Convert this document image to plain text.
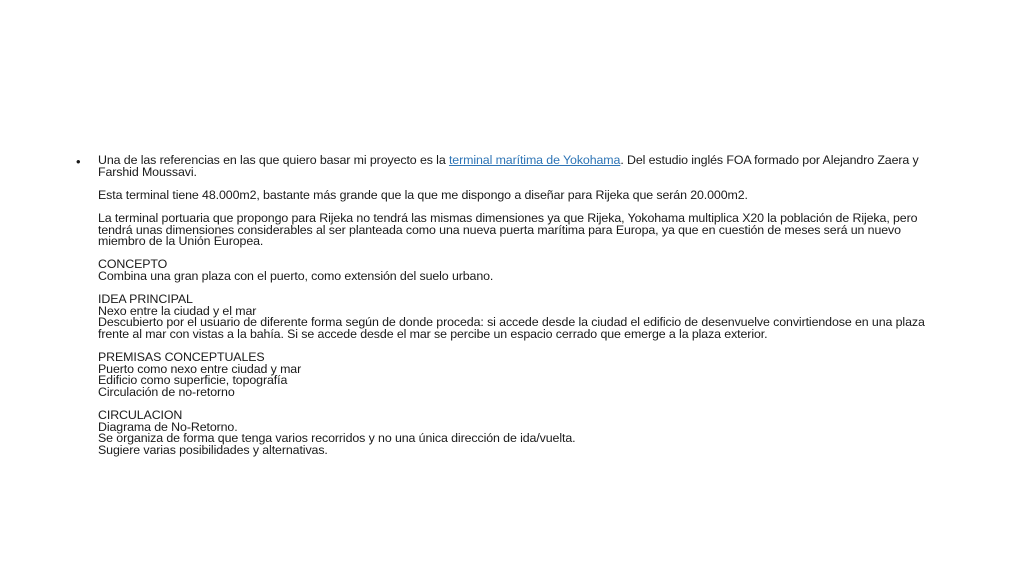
•	Una de las referencias en las que quiero basar mi proyecto es la terminal marítima de Yokohama. Del estudio inglés FOA formado por Alejandro Zaera y Farshid Moussavi.

Esta terminal tiene 48.000m2, bastante más grande que la que me dispongo a diseñar para Rijeka que serán 20.000m2.

La terminal portuaria que propongo para Rijeka no tendrá las mismas dimensiones ya que Rijeka, Yokohama multiplica X20 la población de Rijeka, pero tendrá unas dimensiones considerables al ser planteada como una nueva puerta marítima para Europa, ya que en cuestión de meses será un nuevo miembro de la Unión Europea.

CONCEPTO
Combina una gran plaza con el puerto, como extensión del suelo urbano.

IDEA PRINCIPAL
Nexo entre la ciudad y el mar
Descubierto por el usuario de diferente forma según de donde proceda: si accede desde la ciudad el edificio de desenvuelve convirtiendose en una plaza frente al mar con vistas a la bahía. Si se accede desde el mar se percibe un espacio cerrado que emerge a la plaza exterior.

PREMISAS CONCEPTUALES
Puerto como nexo entre ciudad y mar
Edificio como superficie, topografía
Circulación de no-retorno

CIRCULACION
Diagrama de No-Retorno.
Se organiza de forma que tenga varios recorridos y no una única dirección de ida/vuelta.
Sugiere varias posibilidades y alternativas.
